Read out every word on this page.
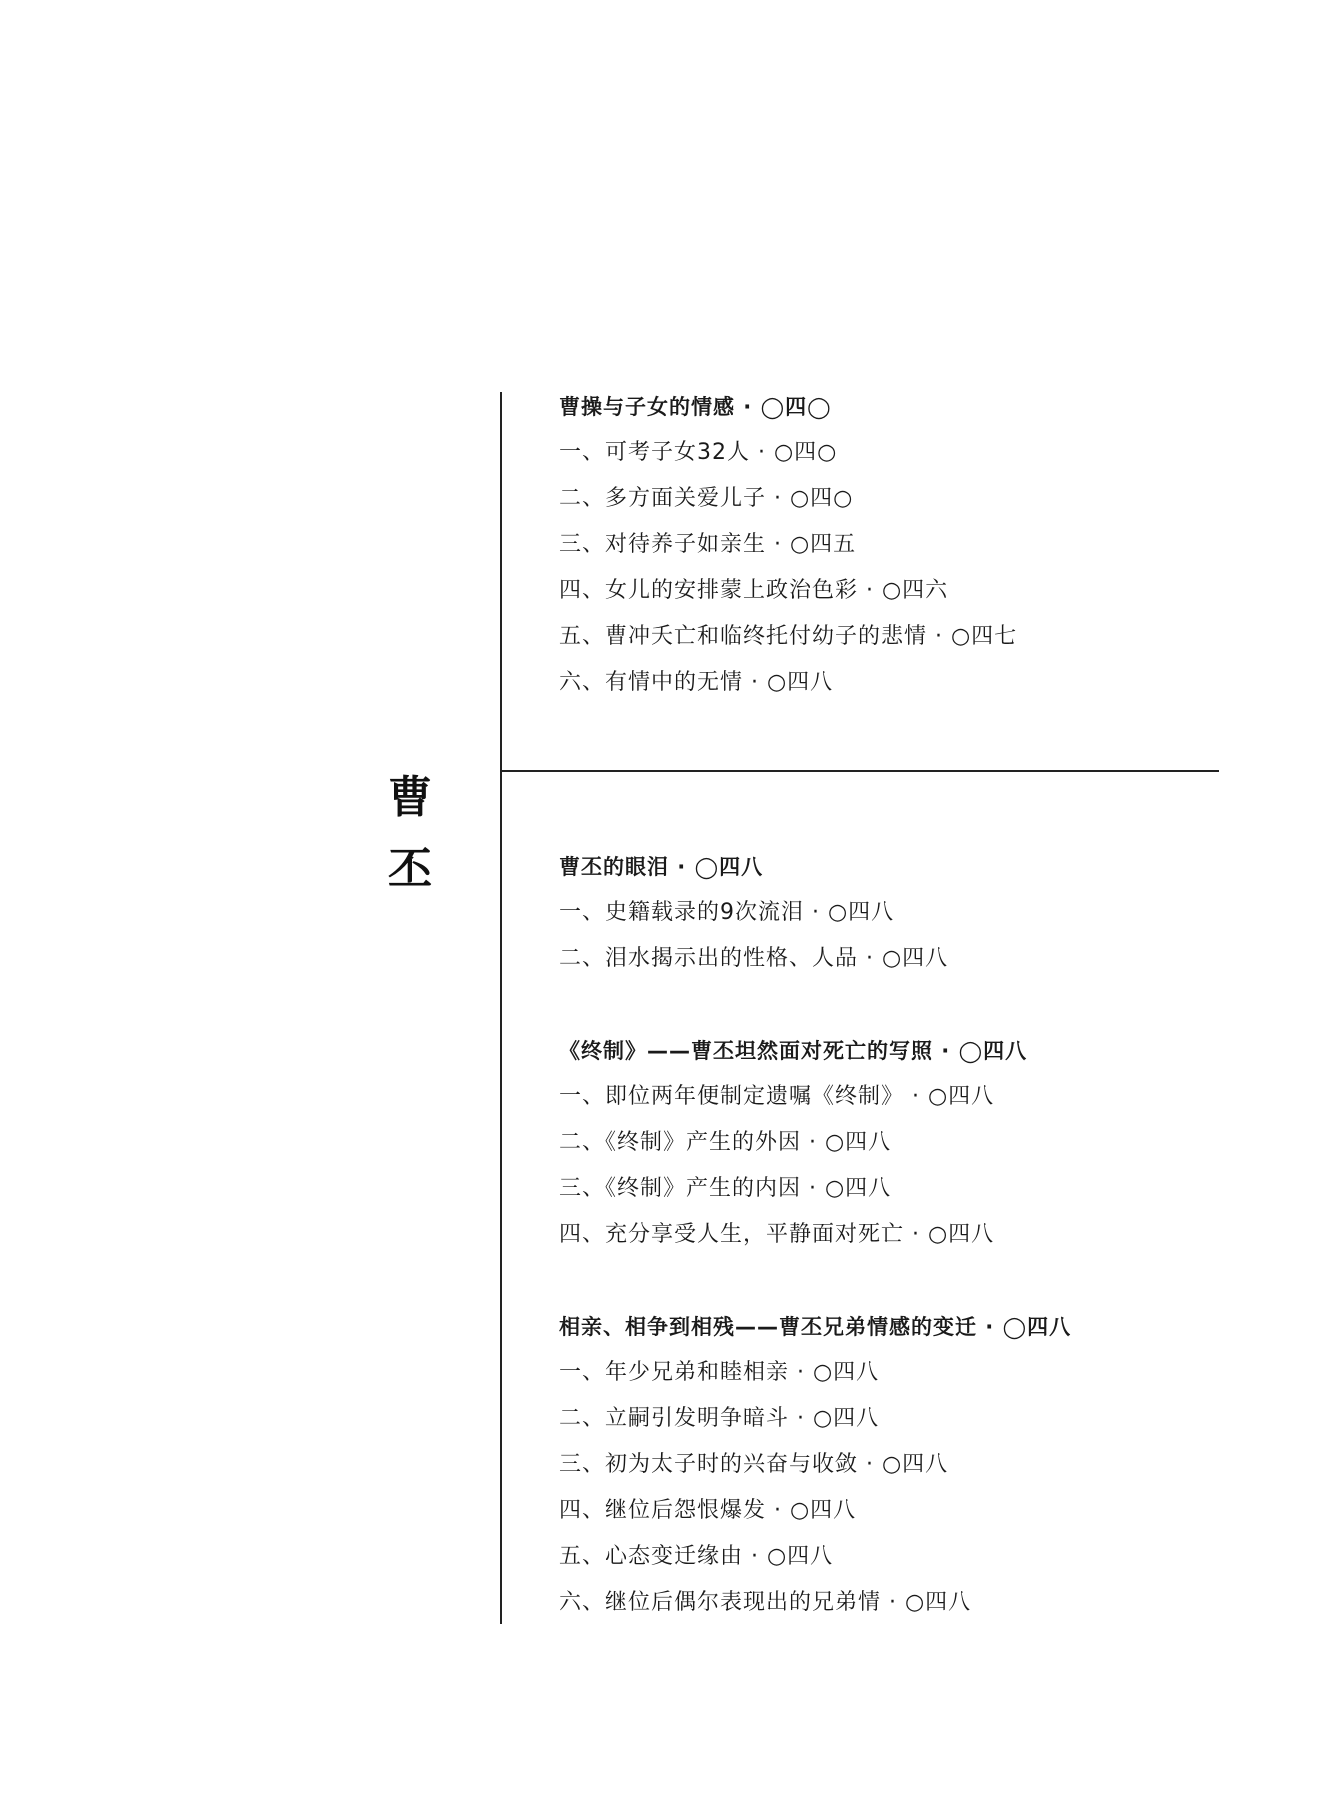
曹
丕
曹操与子女的情感 · ◯四◯
一、可考子女32人 · ○四○
二、多方面关爱儿子 · ○四○
三、对待养子如亲生 · ○四五
四、女儿的安排蒙上政治色彩 · ○四六
五、曹冲夭亡和临终托付幼子的悲情 · ○四七
六、有情中的无情 · ○四八
曹丕的眼泪 · ◯四八
一、史籍载录的9次流泪 · ○四八
二、泪水揭示出的性格、人品 · ○四八
《终制》——曹丕坦然面对死亡的写照 · ◯四八
一、即位两年便制定遗嘱《终制》 · ○四八
二、《终制》产生的外因 · ○四八
三、《终制》产生的内因 · ○四八
四、充分享受人生，平静面对死亡 · ○四八
相亲、相争到相残——曹丕兄弟情感的变迁 · ◯四八
一、年少兄弟和睦相亲 · ○四八
二、立嗣引发明争暗斗 · ○四八
三、初为太子时的兴奋与收敛 · ○四八
四、继位后怨恨爆发 · ○四八
五、心态变迁缘由 · ○四八
六、继位后偶尔表现出的兄弟情 · ○四八
